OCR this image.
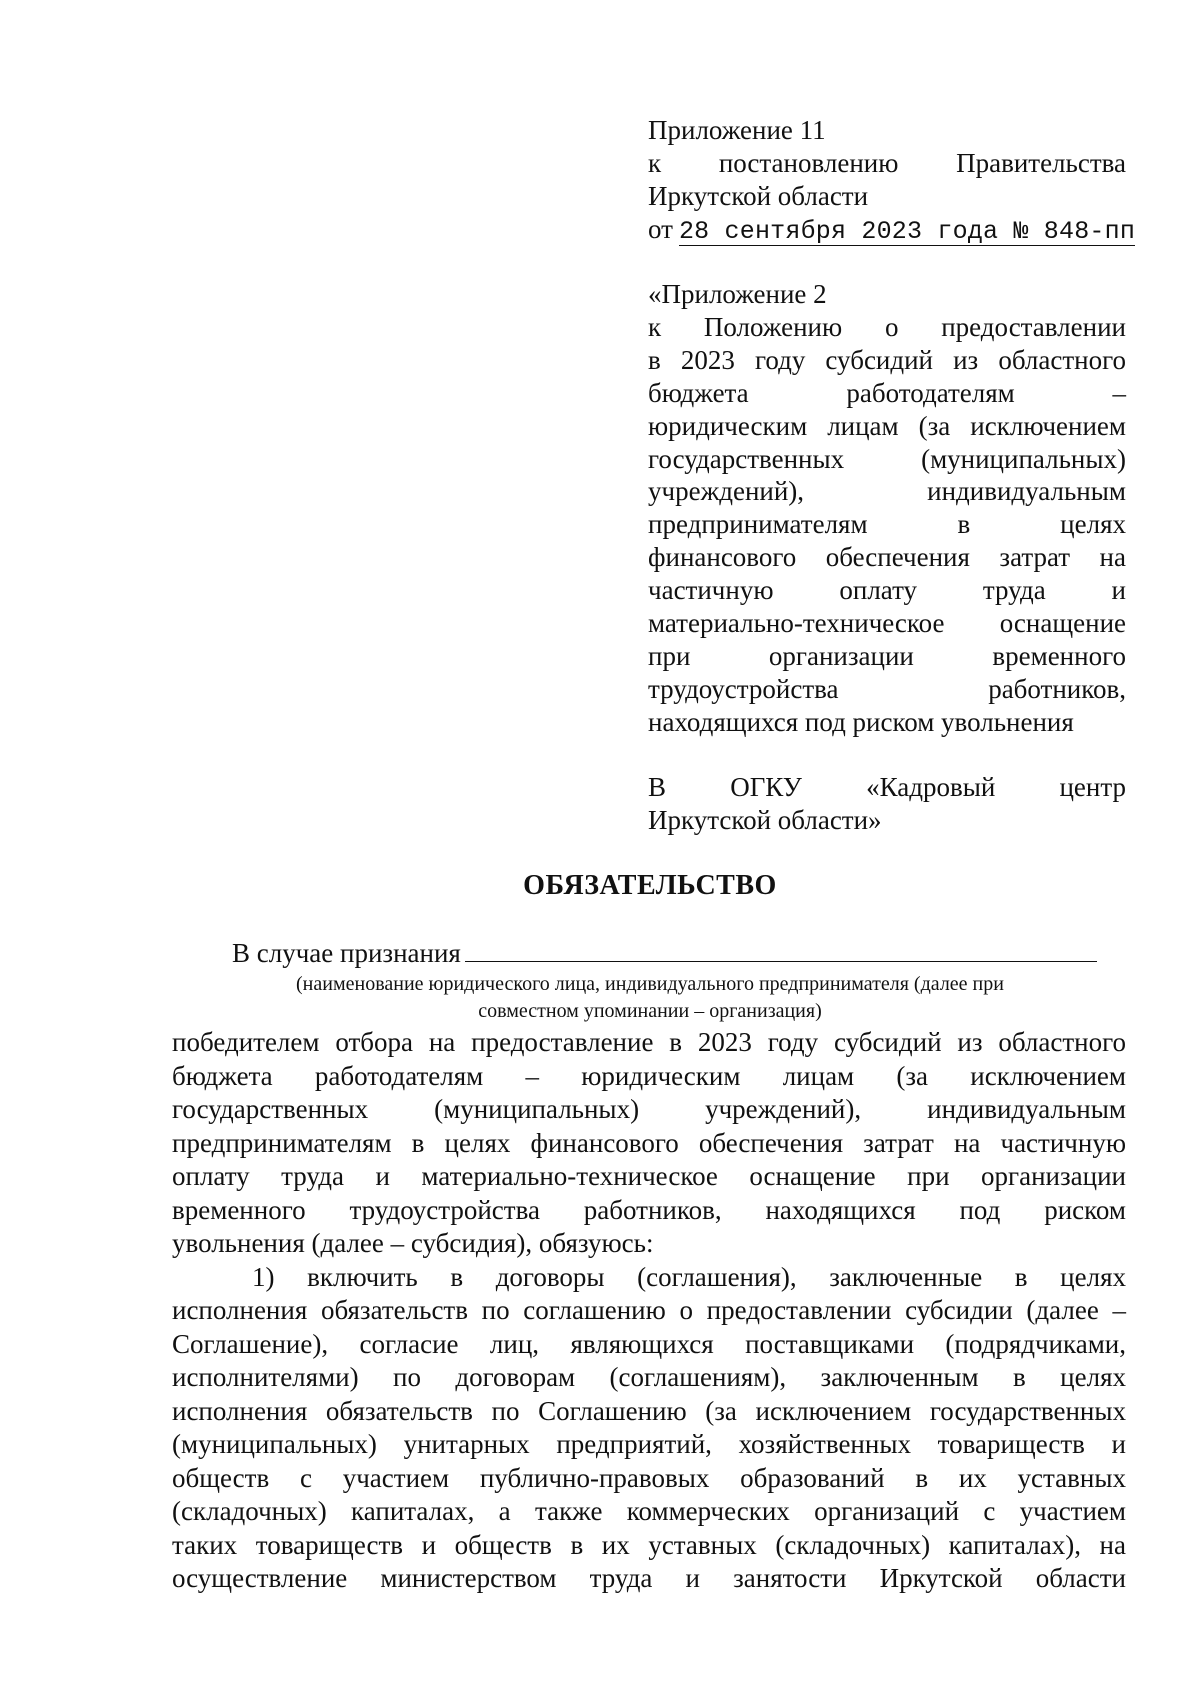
Приложение 11
к постановлению Правительства
Иркутской области
от 28 сентября 2023 года № 848-пп
«Приложение 2
к Положению о предоставлении
в 2023 году субсидий из областного
бюджета работодателям –
юридическим лицам (за исключением
государственных (муниципальных)
учреждений), индивидуальным
предпринимателям в целях
финансового обеспечения затрат на
частичную оплату труда и
материально-техническое оснащение
при организации временного
трудоустройства работников,
находящихся под риском увольнения
В ОГКУ «Кадровый центр
Иркутской области»
ОБЯЗАТЕЛЬСТВО
В случае признания
(наименование юридического лица, индивидуального предпринимателя (далее при
совместном упоминании – организация)
победителем отбора на предоставление в 2023 году субсидий из областного
бюджета работодателям – юридическим лицам (за исключением
государственных (муниципальных) учреждений), индивидуальным
предпринимателям в целях финансового обеспечения затрат на частичную
оплату труда и материально-техническое оснащение при организации
временного трудоустройства работников, находящихся под риском
увольнения (далее – субсидия), обязуюсь:
1) включить в договоры (соглашения), заключенные в целях
исполнения обязательств по соглашению о предоставлении субсидии (далее –
Соглашение), согласие лиц, являющихся поставщиками (подрядчиками,
исполнителями) по договорам (соглашениям), заключенным в целях
исполнения обязательств по Соглашению (за исключением государственных
(муниципальных) унитарных предприятий, хозяйственных товариществ и
обществ с участием публично-правовых образований в их уставных
(складочных) капиталах, а также коммерческих организаций с участием
таких товариществ и обществ в их уставных (складочных) капиталах), на
осуществление министерством труда и занятости Иркутской области
